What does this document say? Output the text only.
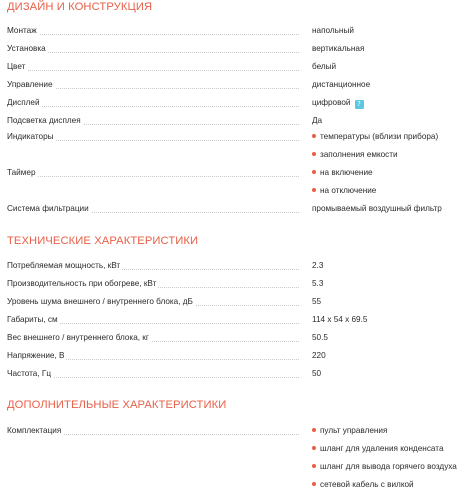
ДИЗАЙН И КОНСТРУКЦИЯ
Монтаж	напольный
Установка	вертикальная
Цвет	белый
Управление	дистанционное
Дисплей	цифровой ?
Подсветка дисплея	Да
Индикаторы	температуры (вблизи прибора)
заполнения емкости
Таймер	на включение
на отключение
Система фильтрации	промываемый воздушный фильтр
ТЕХНИЧЕСКИЕ ХАРАКТЕРИСТИКИ
Потребляемая мощность, кВт	2.3
Производительность при обогреве, кВт	5.3
Уровень шума внешнего / внутреннего блока, дБ	55
Габариты, см	114 x 54 x 69.5
Вес внешнего / внутреннего блока, кг	50.5
Напряжение, В	220
Частота, Гц	50
ДОПОЛНИТЕЛЬНЫЕ ХАРАКТЕРИСТИКИ
Комплектация	пульт управления
шланг для удаления конденсата
шланг для вывода горячего воздуха
сетевой кабель с вилкой
